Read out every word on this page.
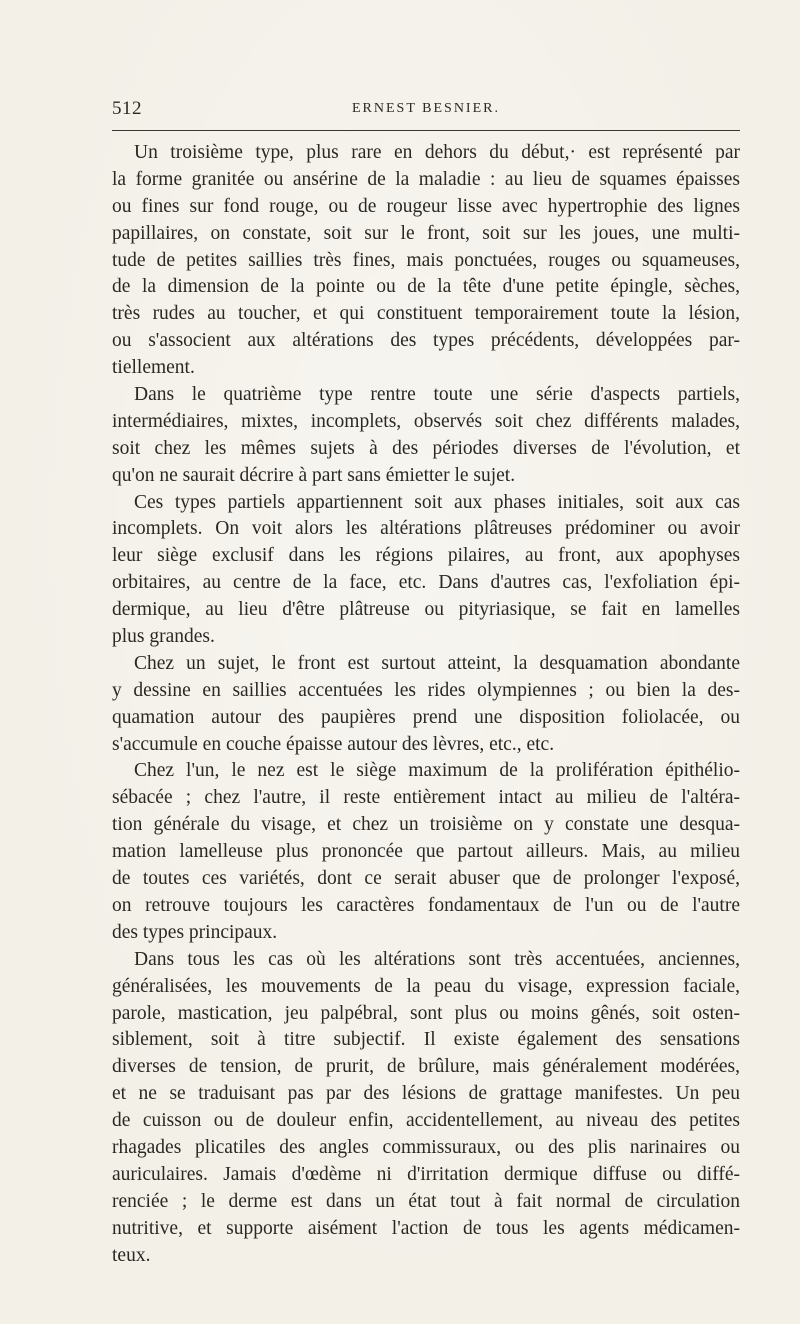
512	ERNEST BESNIER.
Un troisième type, plus rare en dehors du début,· est représenté par
la forme granitée ou ansérine de la maladie : au lieu de squames épaisses
ou fines sur fond rouge, ou de rougeur lisse avec hypertrophie des lignes
papillaires, on constate, soit sur le front, soit sur les joues, une multi-
tude de petites saillies très fines, mais ponctuées, rouges ou squameuses,
de la dimension de la pointe ou de la tête d'une petite épingle, sèches,
très rudes au toucher, et qui constituent temporairement toute la lésion,
ou s'associent aux altérations des types précédents, développées par-
tiellement.
Dans le quatrième type rentre toute une série d'aspects partiels,
intermédiaires, mixtes, incomplets, observés soit chez différents malades,
soit chez les mêmes sujets à des périodes diverses de l'évolution, et
qu'on ne saurait décrire à part sans émietter le sujet.
Ces types partiels appartiennent soit aux phases initiales, soit aux cas
incomplets. On voit alors les altérations plâtreuses prédominer ou avoir
leur siège exclusif dans les régions pilaires, au front, aux apophyses
orbitaires, au centre de la face, etc. Dans d'autres cas, l'exfoliation épi-
dermique, au lieu d'être plâtreuse ou pityriasique, se fait en lamelles
plus grandes.
Chez un sujet, le front est surtout atteint, la desquamation abondante
y dessine en saillies accentuées les rides olympiennes ; ou bien la des-
quamation autour des paupières prend une disposition foliolacée, ou
s'accumule en couche épaisse autour des lèvres, etc., etc.
Chez l'un, le nez est le siège maximum de la prolifération épithélio-
sébacée ; chez l'autre, il reste entièrement intact au milieu de l'altéra-
tion générale du visage, et chez un troisième on y constate une desqua-
mation lamelleuse plus prononcée que partout ailleurs. Mais, au milieu
de toutes ces variétés, dont ce serait abuser que de prolonger l'exposé,
on retrouve toujours les caractères fondamentaux de l'un ou de l'autre
des types principaux.
Dans tous les cas où les altérations sont très accentuées, anciennes,
généralisées, les mouvements de la peau du visage, expression faciale,
parole, mastication, jeu palpébral, sont plus ou moins gênés, soit osten-
siblement, soit à titre subjectif. Il existe également des sensations
diverses de tension, de prurit, de brûlure, mais généralement modérées,
et ne se traduisant pas par des lésions de grattage manifestes. Un peu
de cuisson ou de douleur enfin, accidentellement, au niveau des petites
rhagades plicatiles des angles commissuraux, ou des plis narinaires ou
auriculaires. Jamais d'œdème ni d'irritation dermique diffuse ou diffé-
renciée ; le derme est dans un état tout à fait normal de circulation
nutritive, et supporte aisément l'action de tous les agents médicamen-
teux.
